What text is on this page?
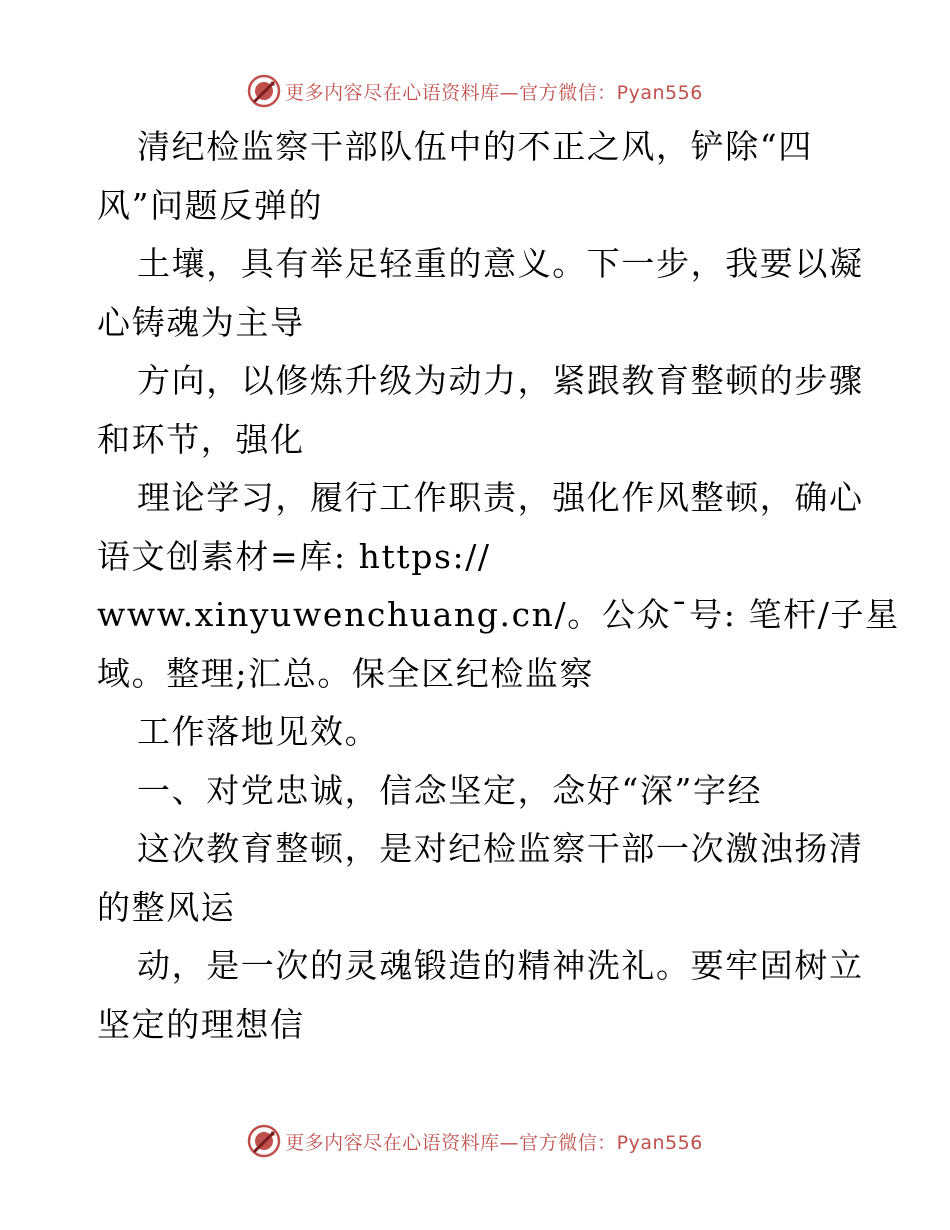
更多内容尽在心语资料库—官方微信：Pyan556
清纪检监察干部队伍中的不正之风，铲除“四
风”问题反弹的
土壤，具有举足轻重的意义。下一步，我要以凝
心铸魂为主导
方向，以修炼升级为动力，紧跟教育整顿的步骤
和环节，强化
理论学习，履行工作职责，强化作风整顿，确心
语文创素材=库: https://
www.xinyuwenchuang.cn/。公众¯号: 笔杆/子星
域。整理;汇总。保全区纪检监察
工作落地见效。
一、对党忠诚，信念坚定，念好“深”字经
这次教育整顿，是对纪检监察干部一次激浊扬清
的整风运
动，是一次的灵魂锻造的精神洗礼。要牢固树立
坚定的理想信
更多内容尽在心语资料库—官方微信：Pyan556
